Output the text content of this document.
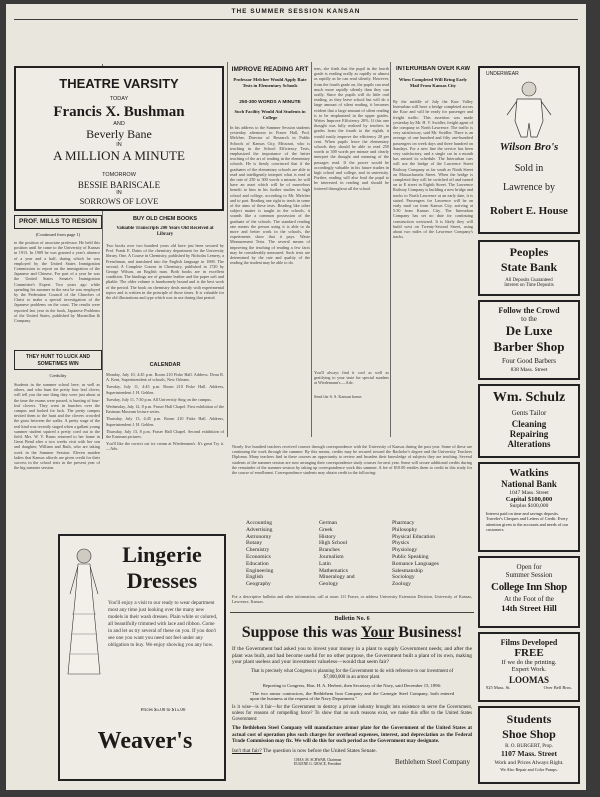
THE SUMMER SESSION KANSAN
THEATRE VARSITY
TODAY
Francis X. Bushman
AND
Beverly Bane
IN
A MILLION A MINUTE
TOMORROW
BESSIE BARISCALE
IN
SORROWS OF LOVE
PROF. MILLS TO RESIGN
(Continued from page 1)
to the position of associate professor. He held this position until he came to the University of Kansas in 1913. In 1909 he was granted a year's absence of a year and a half, during which he was employed by the United States Immigration Commission to report on the immigration of the Japanese and Chinese. For part of a year he was the United States Senate's Immigration Committee's Expert. Two years ago while spending his summer in the east he was employed by the Federation Council of the Churches of Christ to make a special investigation of the Japanese problems on the coast. The results were reported last year in the book, Japanese Problems of the United States, published by Macmillan & Company.
THEY HUNT TO LUCK AND SOMETIMES WIN
Credulity
Students in the summer school here, as well as others, and who hunt the pretty four leaf clover, will tell you the one thing they were just about at the time the exams were passed, is hunting of four-leaf clovers. They went in bunches over the campus and looked for luck. The pretty campus invited them to the hunt and the clovers crowded the grass between the walks. A pretty stage of the real kind was recently staged when a gallant young summer student squired a pretty coed out to the field. Mrs. W. V. Burns returned to her home in Great Bend after a two weeks visit with her son and daughter, William and Ruth, who are taking work in the Summer Session. Eleven maiden ladies that Kansas affords are given credit for their success in the school tests in the present year of the big summer session.
BUY OLD CHEM BOOKS
Valuable Transcripts 200 Years Old Received at Library
Two books over two hundred years old have just been secured by Prof. Frank E. Dains of the chemistry department for the University library. One, A Course in Chemistry, published by Nicholas Lemery, a Frenchman, and translated into the English language in 1698. The second, A Complete Course in Chemistry, published in 1720 by George Wilson, an English man. Both books are in excellent condition. The bindings are of genuine leather and the paper soft and pliable. The older volume is handsomely bound and is the best work of the period. The book on chemistry deals mostly with experimental topics and is written in the principle of those times. It is valuable for the old illustrations and type which was in use during that period.
CALENDAR
Monday, July 10, 4:45 p.m. Room 210 Fiske Hall. Address, Dean R. A. Kent, Superintendent of schools, New Orleans.
Tuesday, July 11, 4:45 p.m. Room 210 Fiske Hall. Address, Superintendent J. H. Gehlen.
Tuesday, July 11, 7:30 p.m. All University Sing on the campus.
Wednesday, July 12, 8 p.m. Fraser Hall Chapel. First exhibition of the Eastman Museum lecture series.
Thursday, July 13, 4:45 p.m. Room 210 Fiske Hall. Address, Superintendent J. H. Gehlen.
Thursday, July 13, 8 p.m. Fraser Hall Chapel. Second exhibition of the Eastman pictures.
You'll like the correct cut ice cream at Wiedemann's. It's great Try it.—Adv.
Lingerie
Dresses
You'll enjoy a visit to our ready to wear department most any time just looking over the many new models in their wash dresses. Plain white or colored, all beautifully trimmed with lace and ribbon. Come in and let us try several of these on you. If you don't see one you want you need not feel under any obligation to buy. We enjoy showing you any how.
Prices $5.00 to $15.00
Weaver's
IMPROVE READING ART
Professor Melcher Would Apply Rate Tests in Elementary Schools
250-300 WORDS A MINUTE
Such Facility Would Aid Students in College
In his address to the Summer Session students yesterday afternoon in Fraser Hall, Prof. Melcher, Director of Research in Public Schools of Kansas City, Missouri, who is teaching in the School Efficiency Tests, emphasized the importance of the better teaching of the art of reading in the elementary schools. He is firmly convinced that if the graduates of the elementary schools are able to read and intelligently interpret what is read at the rate of 250 to 300 words a minute, he will have an asset which will be of marvelous benefit to him in his further studies in high school and college, according to Mr. Melcher and to part. Reading one right to teach in some of the aims of these tests. Reading like other subject matter is taught in the schools, it sounds like a common possession of the graduate of the schools. The standard reading rate means the person using it is able to do more and better work in the schools, the experiments show that it pays. Waste Measurement Tests. The several means of improving the teaching of reading a few facts may be considerably measured. Such tests are determined by the rate and quality of the reading the student may be able to do.
tens, she finds that the pupil in the fourth grade is reading orally as rapidly or almost as rapidly as he can read silently. However, from the fourth grade on, the pupils can read much more rapidly silently than they can orally. Since the pupils will do little oral reading, as they leave school but will do a large amount of silent reading, it becomes evident that a large amount of silent reading is to be emphasized in the upper grades. Writes Improve Efficiency 20%. If this one thought was fully realized by teachers in grades from the fourth to the eighth, it would easily improve the efficiency 20 per cent. When pupils leave the elementary schools they should be able to read 250 words to 300 words per minute and clearly interpret the thought and meaning of the passages read. If the power would be accordingly valuable in his future studies in high school and college, and in university. Further, reading will also lead the pupil to be interested in reading and should be fostered throughout all the school.
You'll always find it cool as well as gratifying to your taste for special sundaes at Wiedemann's.—Adv.
Send the S. S. Kansan home.
INTERURBAN OVER KAW
When Completed Will Bring Early Mail From Kansas City
By the middle of July the Kaw Valley Interurban will have a bridge completed across the Kaw and will be ready for passenger and freight traffic. This assertion was made yesterday by Mr. H. V. Swidler, freight agent of the company in North Lawrence. The traffic is very satisfactory, said Mr. Swidler. There is an average of one hundred and fifty one-hundred passengers on week days and three hundred on Sundays. For a new line the service has been very satisfactory, and a single car in a month has missed its schedule. The Interurban cars will use the bridge of the Lawrence Street Railway Company as far south as Ninth Street on Massachusetts Street. When the bridge is completed they will be switched off and turned on to E street in Eighth Street. The Lawrence Railway Company is building a new bridge and tracks to North Lawrence at an early date, it is stated. Passengers for Lawrence will be an early mail car from Kansas City, arriving at 5:30 from Kansas City. The Interurban Company has set no date for continuing construction westward. It is likely they will build west on Twenty-Second Street, using about two miles of the Lawrence Company's tracks.
UNDERWEAR
Wilson Bro's
Sold in
Lawrence by
Robert E. House
Peoples
State Bank
All Deposits Guaranteed
Interest on Time Deposits
Follow the Crowd
to the
De Luxe
Barber Shop
Four Good Barbers
838 Mass. Street
Wm. Schulz
Gents Tailor
Cleaning
Repairing
Alterations
Watkins
National Bank
1047 Mass. Street
Capital $100,000
Surplus $100,000
Interest paid on time and savings deposits. Traveler's Cheques and Letters of Credit. Every attention given to the accounts and needs of our customers.
Open for
Summer Session
College Inn Shop
At the Foot of the
14th Street Hill
Films Developed
FREE
If we do the printing.
Expert Work.
LOOMAS
925 Mass. St.	Over Bell Bros.
Students
Shoe Shop
R. O. BURGERT, Prop.
1107 Mass. Street
Work and Prices Always Right.
We Also Repair and Color Pumps.
Nearly five hundred teachers received courses through correspondence with the University of Kansas during the past year. Some of these are continuing the work through the summer. By this means, credits may be secured toward the Bachelor's degree and the University Teachers Diploma. Many teachers find in these courses an opportunity to review and broaden their knowledge of subjects they are teaching. Several students of the summer session are now arranging their correspondence study courses for next year. Some will secure additional credits during the remainder of the summer session by taking up correspondence work this summer. A fee of $10.00 entitles them to credit in this study for the course of enrollment. Correspondence students may obtain credit in the following:
Accounting
Advertising
Astronomy
Botany
Chemistry
Economics
Education
Engineering
English
Geography
German
Greek
History
High School
Branches
Journalism
Latin
Mathematics
Mineralogy and
Geology
Pharmacy
Philosophy
Physical Education
Physics
Physiology
Public Speaking
Romance Languages
Salesmanship
Sociology
Zoology
For a descriptive bulletin and other information, call at room 111 Fraser, or address University Extension Division, University of Kansas, Lawrence, Kansas.
Bulletin No. 6
Suppose this was Your Business!
If the Government had asked you to invest your money in a plant to supply Government needs; and after the plant was built, and had become useful for no other purpose, the Government built a plant of its own, making your plant useless and your investment valueless—would that seem fair?
That is precisely what Congress is planning for the Government to do with reference to our investment of $7,000,000 in an armor plant.
Reporting to Congress, Hon. H. A. Herbert, then Secretary of the Navy, said December 15, 1896:
"The two armor contractors, the Bethlehem Iron Company and the Carnegie Steel Company, both entered upon the business at the request of the Navy Department."
Is it wise—is it fair—for the Government to destroy a private industry brought into existence to serve the Government, unless for reasons of compelling force? To show that no such reasons exist, we make this offer to the United States Government:
The Bethlehem Steel Company will manufacture armor plate for the Government of the United States at actual cost of operation plus such charges for overhead expenses, interest, and depreciation as the Federal Trade Commission may fix. We will do this for such period as the Government may designate.
Isn't that fair? The question is now before the United States Senate.
CHAS. M. SCHWAB, Chairman
EUGENE G. GRACE, President	Bethlehem Steel Company
